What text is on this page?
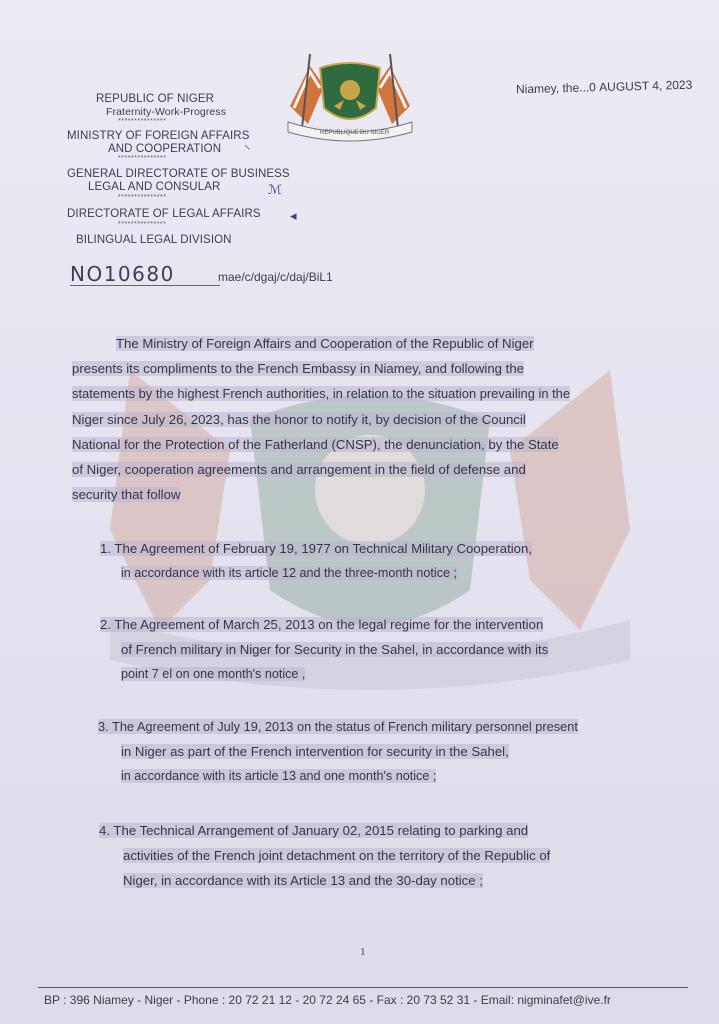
REPUBLIC OF NIGER
Fraternity-Work-Progress
***************
MINISTRY OF FOREIGN AFFAIRS
AND COOPERATION ⸌
***************
GENERAL DIRECTORATE OF BUSINESS
LEGAL AND CONSULAR	ℳ
***************
DIRECTORATE OF LEGAL AFFAIRS ◂
***************
BILINGUAL LEGAL DIVISION
REPUBLIQUE DU NIGER
Niamey, the...0 AUGUST 4, 2023
NO10680	mae/c/dgaj/c/daj/BiL1
The Ministry of Foreign Affairs and Cooperation of the Republic of Niger
presents its compliments to the French Embassy in Niamey, and following the
statements by the highest French authorities, in relation to the situation prevailing in the
Niger since July 26, 2023, has the honor to notify it, by decision of the Council
National for the Protection of the Fatherland (CNSP), the denunciation, by the State
of Niger, cooperation agreements and arrangement in the field of defense and
security that follow
1. The Agreement of February 19, 1977 on Technical Military Cooperation,
in accordance with its article 12 and the three-month notice ;
2. The Agreement of March 25, 2013 on the legal regime for the intervention
of French military in Niger for Security in the Sahel, in accordance with its
point 7 el on one month's notice ,
3. The Agreement of July 19, 2013 on the status of French military personnel present
in Niger as part of the French intervention for security in the Sahel,
in accordance with its article 13 and one month's notice ;
4. The Technical Arrangement of January 02, 2015 relating to parking and
activities of the French joint detachment on the territory of the Republic of
Niger, in accordance with its Article 13 and the 30-day notice ;
1
BP : 396 Niamey - Niger - Phone : 20 72 21 12 - 20 72 24 65 - Fax : 20 73 52 31 - Email: nigminafet@ive.fr
